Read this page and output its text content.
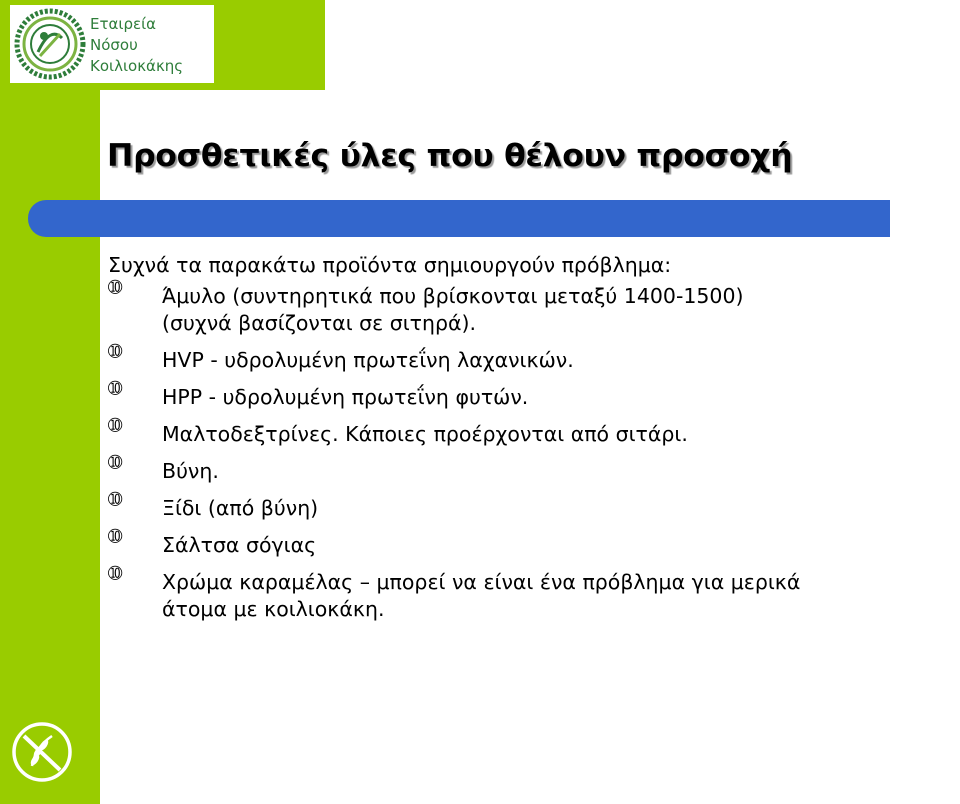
Εταιρεία
Νόσου
Κοιλιοκάκης
Προσθετικές ύλες που θέλουν προσοχή

Συχνά τα παρακάτω προϊόντα σημιουργούν πρόβλημα:

➉ Άμυλο (συντηρητικά που βρίσκονται μεταξύ 1400-1500)
(συχνά βασίζονται σε σιτηρά).
➉ HVP - υδρολυμένη πρωτεΐνη λαχανικών.
➉ HPP - υδρολυμένη πρωτεΐνη φυτών.
➉ Μαλτοδεξτρίνες. Κάποιες προέρχονται από σιτάρι.
➉ Βύνη.
➉ Ξίδι (από βύνη)
➉ Σάλτσα σόγιας
➉ Χρώμα καραμέλας – μπορεί να είναι ένα πρόβλημα για μερικά
άτομα με κοιλιοκάκη.
